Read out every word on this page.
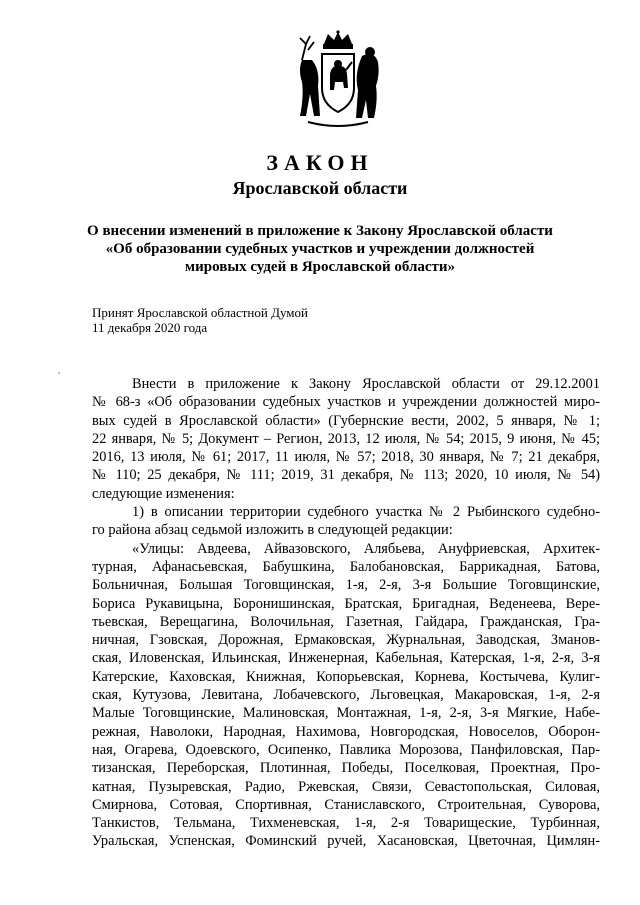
ЗАКОН
Ярославской области
О внесении изменений в приложение к Закону Ярославской области
«Об образовании судебных участков и учреждении должностей
мировых судей в Ярославской области»
Принят Ярославской областной Думой
11 декабря 2020 года
Внести в приложение к Закону Ярославской области от 29.12.2001
№ 68-з «Об образовании судебных участков и учреждении должностей миро-
вых судей в Ярославской области» (Губернские вести, 2002, 5 января, № 1;
22 января, № 5; Документ – Регион, 2013, 12 июля, № 54; 2015, 9 июня, № 45;
2016, 13 июля, № 61; 2017, 11 июля, № 57; 2018, 30 января, № 7; 21 декабря,
№ 110; 25 декабря, № 111; 2019, 31 декабря, № 113; 2020, 10 июля, № 54)
следующие изменения:
1) в описании территории судебного участка № 2 Рыбинского судебно-
го района абзац седьмой изложить в следующей редакции:
«Улицы: Авдеева, Айвазовского, Алябьева, Ануфриевская, Архитек-
турная, Афанасьевская, Бабушкина, Балобановская, Баррикадная, Батова,
Больничная, Большая Тоговщинская, 1-я, 2-я, 3-я Большие Тоговщинские,
Бориса Рукавицына, Боронишинская, Братская, Бригадная, Веденеева, Вере-
тьевская, Верещагина, Волочильная, Газетная, Гайдара, Гражданская, Гра-
ничная, Гзовская, Дорожная, Ермаковская, Журнальная, Заводская, Зманов-
ская, Иловенская, Ильинская, Инженерная, Кабельная, Катерская, 1-я, 2-я, 3-я
Катерские, Каховская, Книжная, Копорьевская, Корнева, Костычева, Кулиг-
ская, Кутузова, Левитана, Лобачевского, Льговецкая, Макаровская, 1-я, 2-я
Малые Тоговщинские, Малиновская, Монтажная, 1-я, 2-я, 3-я Мягкие, Набе-
режная, Наволоки, Народная, Нахимова, Новгородская, Новоселов, Оборон-
ная, Огарева, Одоевского, Осипенко, Павлика Морозова, Панфиловская, Пар-
тизанская, Переборская, Плотинная, Победы, Поселковая, Проектная, Про-
катная, Пузыревская, Радио, Ржевская, Связи, Севастопольская, Силовая,
Смирнова, Сотовая, Спортивная, Станиславского, Строительная, Суворова,
Танкистов, Тельмана, Тихменевская, 1-я, 2-я Товарищеские, Турбинная,
Уральская, Успенская, Фоминский ручей, Хасановская, Цветочная, Цимлян-
